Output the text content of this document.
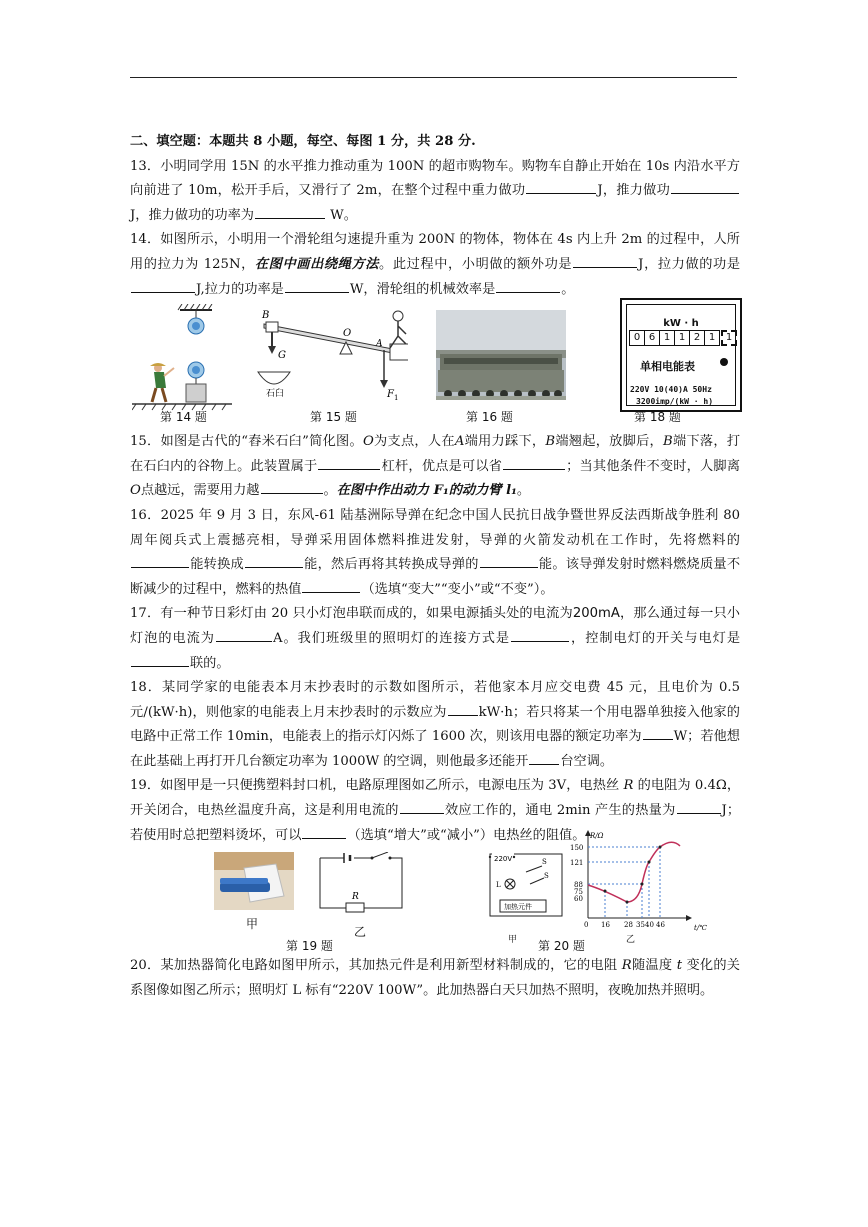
二、填空题：本题共 8 小题，每空、每图 1 分，共 28 分.

13．小明同学用 15N 的水平推力推动重为 100N 的超市购物车。购物车自静止开始在 10s 内沿水平方向前进了 10m，松开手后，又滑行了 2m，在整个过程中重力做功	J，推力做功 J，推力做功的功率为	W。

14．如图所示，小明用一个滑轮组匀速提升重为 200N 的物体，物体在 4s 内上升 2m 的过程中，人所用的拉力为 125N，在图中画出绕绳方法。此过程中，小明做的额外功是	J，拉力做的功是J,拉力的功率是	W，滑轮组的机械效率是	。

第 14 题
B
O
A
G
石臼	F 1
第 15 题	第 16 题
kW · h
0 6 1 1 2 1	1
单相电能表
220V 10(40)A 50Hz
3200imp/(kW · h)
第 18 题

15．如图是古代的“舂米石臼”简化图。O为支点，人在A端用力踩下，B端翘起，放脚后，B端下落，打在石臼内的谷物上。此装置属于	杠杆，优点是可以省	；当其他条件不变时，人脚离O点越远，需要用力越	。在图中作出动力 F₁的动力臂 l₁。

16．2025 年 9 月 3 日，东风-61 陆基洲际导弹在纪念中国人民抗日战争暨世界反法西斯战争胜利 80 周年阅兵式上震撼亮相，导弹采用固体燃料推进发射，导弹的火箭发动机在工作时，先将燃料的能转换成	能，然后再将其转换成导弹的	能。该导弹发射时燃料燃烧质量不断减少的过程中，燃料的热值	（选填“变大”“变小”或“不变”）。

17．有一种节日彩灯由 20 只小灯泡串联而成的，如果电源插头处的电流为200mA，那么通过每一只小灯泡的电流为	A。我们班级里的照明灯的连接方式是	，控制电灯的开关与电灯是联的。

18．某同学家的电能表本月末抄表时的示数如图所示，若他家本月应交电费 45 元，且电价为 0.5 元/(kW·h)，则他家的电能表上月末抄表时的示数应为 kW·h；若只将某一个用电器单独接入他家的电路中正常工作 10min，电能表上的指示灯闪烁了 1600 次，则该用电器的额定功率为 W；若他想在此基础上再打开几台额定功率为 1000W 的空调，则他最多还能开 台空调。

19．如图甲是一只便携塑料封口机，电路原理图如乙所示，电源电压为 3V，电热丝 R 的电阻为 0.4Ω，开关闭合，电热丝温度升高，这是利用电流的	效应工作的，通电 2min 产生的热量为	J；若使用时总把塑料烫坏，可以	（选填“增大”或“减小”）电热丝的阻值。

甲
R
乙
第 19 题
220V	S
L
S
加热元件
甲
R/Ω
t/℃
150
121
88
75
60
0 16 28 35 40 46
乙
第 20 题

20．某加热器简化电路如图甲所示，其加热元件是利用新型材料制成的，它的电阻 R随温度 t 变化的关系图像如图乙所示；照明灯 L 标有“220V 100W”。此加热器白天只加热不照明，夜晚加热并照明。
